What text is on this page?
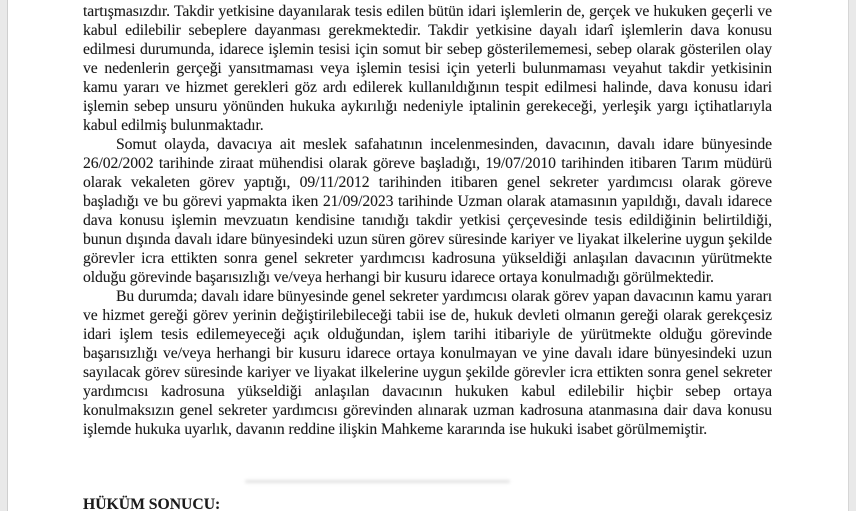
tartışmasızdır. Takdir yetkisine dayanılarak tesis edilen bütün idari işlemlerin de, gerçek ve hukuken geçerli ve kabul edilebilir sebeplere dayanması gerekmektedir. Takdir yetkisine dayalı idarî işlemlerin dava konusu edilmesi durumunda, idarece işlemin tesisi için somut bir sebep gösterilememesi, sebep olarak gösterilen olay ve nedenlerin gerçeği yansıtmaması veya işlemin tesisi için yeterli bulunmaması veyahut takdir yetkisinin kamu yararı ve hizmet gerekleri göz ardı edilerek kullanıldığının tespit edilmesi halinde, dava konusu idari işlemin sebep unsuru yönünden hukuka aykırılığı nedeniyle iptalinin gerekeceği, yerleşik yargı içtihatlarıyla kabul edilmiş bulunmaktadır.

Somut olayda, davacıya ait meslek safahatının incelenmesinden, davacının, davalı idare bünyesinde 26/02/2002 tarihinde ziraat mühendisi olarak göreve başladığı, 19/07/2010 tarihinden itibaren Tarım müdürü olarak vekaleten görev yaptığı, 09/11/2012 tarihinden itibaren genel sekreter yardımcısı olarak göreve başladığı ve bu görevi yapmakta iken 21/09/2023 tarihinde Uzman olarak atamasının yapıldığı, davalı idarece dava konusu işlemin mevzuatın kendisine tanıdığı takdir yetkisi çerçevesinde tesis edildiğinin belirtildiği, bunun dışında davalı idare bünyesindeki uzun süren görev süresinde kariyer ve liyakat ilkelerine uygun şekilde görevler icra ettikten sonra genel sekreter yardımcısı kadrosuna yükseldiği anlaşılan davacının yürütmekte olduğu görevinde başarısızlığı ve/veya herhangi bir kusuru idarece ortaya konulmadığı görülmektedir.

Bu durumda; davalı idare bünyesinde genel sekreter yardımcısı olarak görev yapan davacının kamu yararı ve hizmet gereği görev yerinin değiştirilebileceği tabii ise de, hukuk devleti olmanın gereği olarak gerekçesiz idari işlem tesis edilemeyeceği açık olduğundan, işlem tarihi itibariyle de yürütmekte olduğu görevinde başarısızlığı ve/veya herhangi bir kusuru idarece ortaya konulmayan ve yine davalı idare bünyesindeki uzun sayılacak görev süresinde kariyer ve liyakat ilkelerine uygun şekilde görevler icra ettikten sonra genel sekreter yardımcısı kadrosuna yükseldiği anlaşılan davacının hukuken kabul edilebilir hiçbir sebep ortaya konulmaksızın genel sekreter yardımcısı görevinden alınarak uzman kadrosuna atanmasına dair dava konusu işlemde hukuka uyarlık, davanın reddine ilişkin Mahkeme kararında ise hukuki isabet görülmemiştir.

HÜKÜM SONUCU:
